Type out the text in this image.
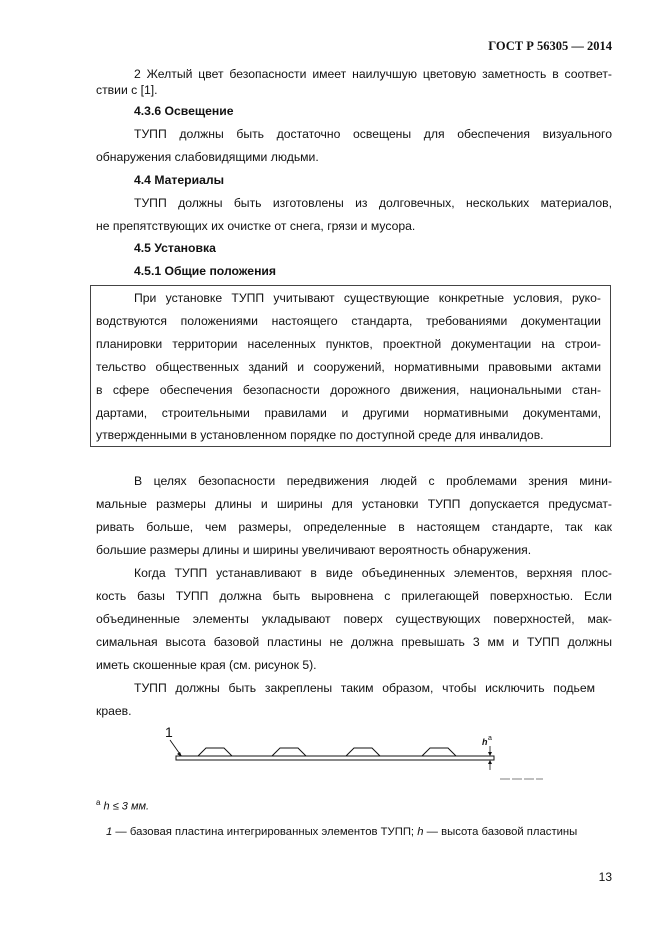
ГОСТ Р 56305 — 2014
2 Желтый цвет безопасности имеет наилучшую цветовую заметность в соответ-
ствии с [1].
4.3.6 Освещение
ТУПП должны быть достаточно освещены для обеспечения визуального
обнаружения слабовидящими людьми.
4.4 Материалы
ТУПП должны быть изготовлены из долговечных, нескольких материалов,
не препятствующих их очистке от снега, грязи и мусора.
4.5 Установка
4.5.1 Общие положения
При установке ТУПП учитывают существующие конкретные условия, руко-
водствуются положениями настоящего стандарта, требованиями документации
планировки территории населенных пунктов, проектной документации на строи-
тельство общественных зданий и сооружений, нормативными правовыми актами
в сфере обеспечения безопасности дорожного движения, национальными стан-
дартами, строительными правилами и другими нормативными документами,
утвержденными в установленном порядке по доступной среде для инвалидов.
В целях безопасности передвижения людей с проблемами зрения мини-
мальные размеры длины и ширины для установки ТУПП допускается предусмат-
ривать больше, чем размеры, определенные в настоящем стандарте, так как
большие размеры длины и ширины увеличивают вероятность обнаружения.
Когда ТУПП устанавливают в виде объединенных элементов, верхняя плос-
кость базы ТУПП должна быть выровнена с прилегающей поверхностью. Если
объединенные элементы укладывают поверх существующих поверхностей, мак-
симальная высота базовой пластины не должна превышать 3 мм и ТУПП должны
иметь скошенные края (см. рисунок 5).
ТУПП должны быть закреплены таким образом, чтобы исключить подьем
краев.
1
h a
$^a$ h ≤ 3 мм.
1 — базовая пластина интегрированных элементов ТУПП; h — высота базовой пластины
13
